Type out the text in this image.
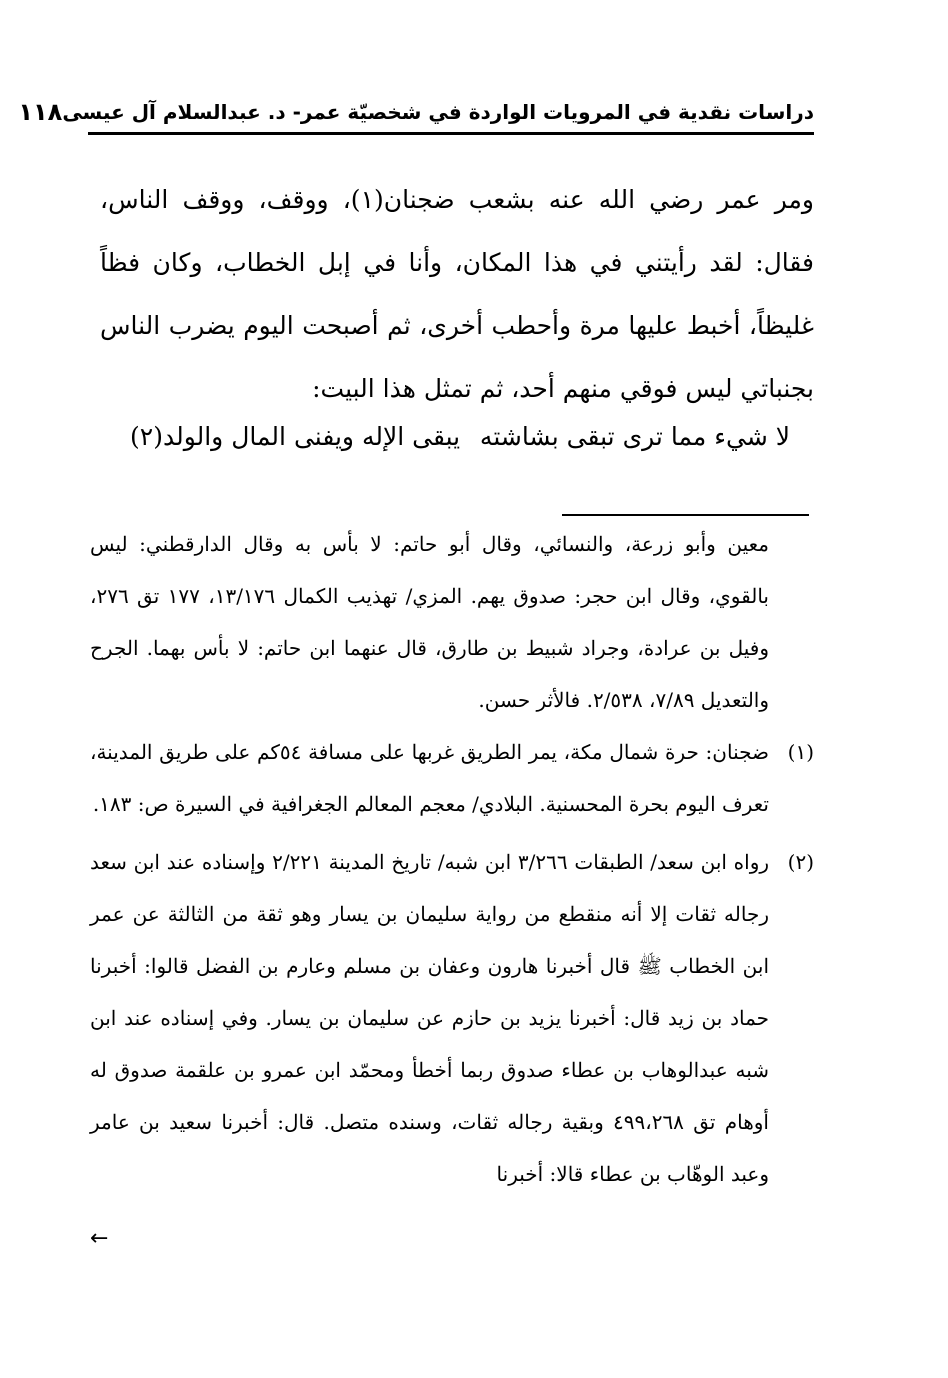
دراسات نقدية في المرويات الواردة في شخصيّة عمر- د. عبدالسلام آل عيسى
١١٨
ومر عمر رضي الله عنه بشعب ضجنان(١)، ووقف، ووقف الناس، فقال: لقد رأيتني في هذا المكان، وأنا في إبل الخطاب، وكان فظاً غليظاً، أخبط عليها مرة وأحطب أخرى، ثم أصبحت اليوم يضرب الناس بجنباتي ليس فوقي منهم أحد، ثم تمثل هذا البيت:
لا شيء مما ترى تبقى بشاشته
يبقى الإله ويفنى المال والولد(٢)
معين وأبو زرعة، والنسائي، وقال أبو حاتم: لا بأس به وقال الدارقطني: ليس بالقوي، وقال ابن حجر: صدوق يهم. المزي/ تهذيب الكمال ١٣/١٧٦، ١٧٧ تق ٢٧٦، وفيل بن عرادة، وجراد شبيط بن طارق، قال عنهما ابن حاتم: لا بأس بهما. الجرح والتعديل ٧/٨٩، ٢/٥٣٨. فالأثر حسن.
(١)
ضجنان: حرة شمال مكة، يمر الطريق غربها على مسافة ٥٤كم على طريق المدينة، تعرف اليوم بحرة المحسنية. البلادي/ معجم المعالم الجغرافية في السيرة ص: ١٨٣.
(٢)
رواه ابن سعد/ الطبقات ٣/٢٦٦ ابن شبه/ تاريخ المدينة ٢/٢٢١ وإسناده عند ابن سعد رجاله ثقات إلا أنه منقطع من رواية سليمان بن يسار وهو ثقة من الثالثة عن عمر ابن الخطاب ﷺ قال أخبرنا هارون وعفان بن مسلم وعارم بن الفضل قالوا: أخبرنا حماد بن زيد قال: أخبرنا يزيد بن حازم عن سليمان بن يسار. وفي إسناده عند ابن شبه عبدالوهاب بن عطاء صدوق ربما أخطأ ومحمّد ابن عمرو بن علقمة صدوق له أوهام تق ٤٩٩،٢٦٨ وبقية رجاله ثقات، وسنده متصل. قال: أخبرنا سعيد بن عامر وعبد الوهّاب بن عطاء قالا: أخبرنا
←
